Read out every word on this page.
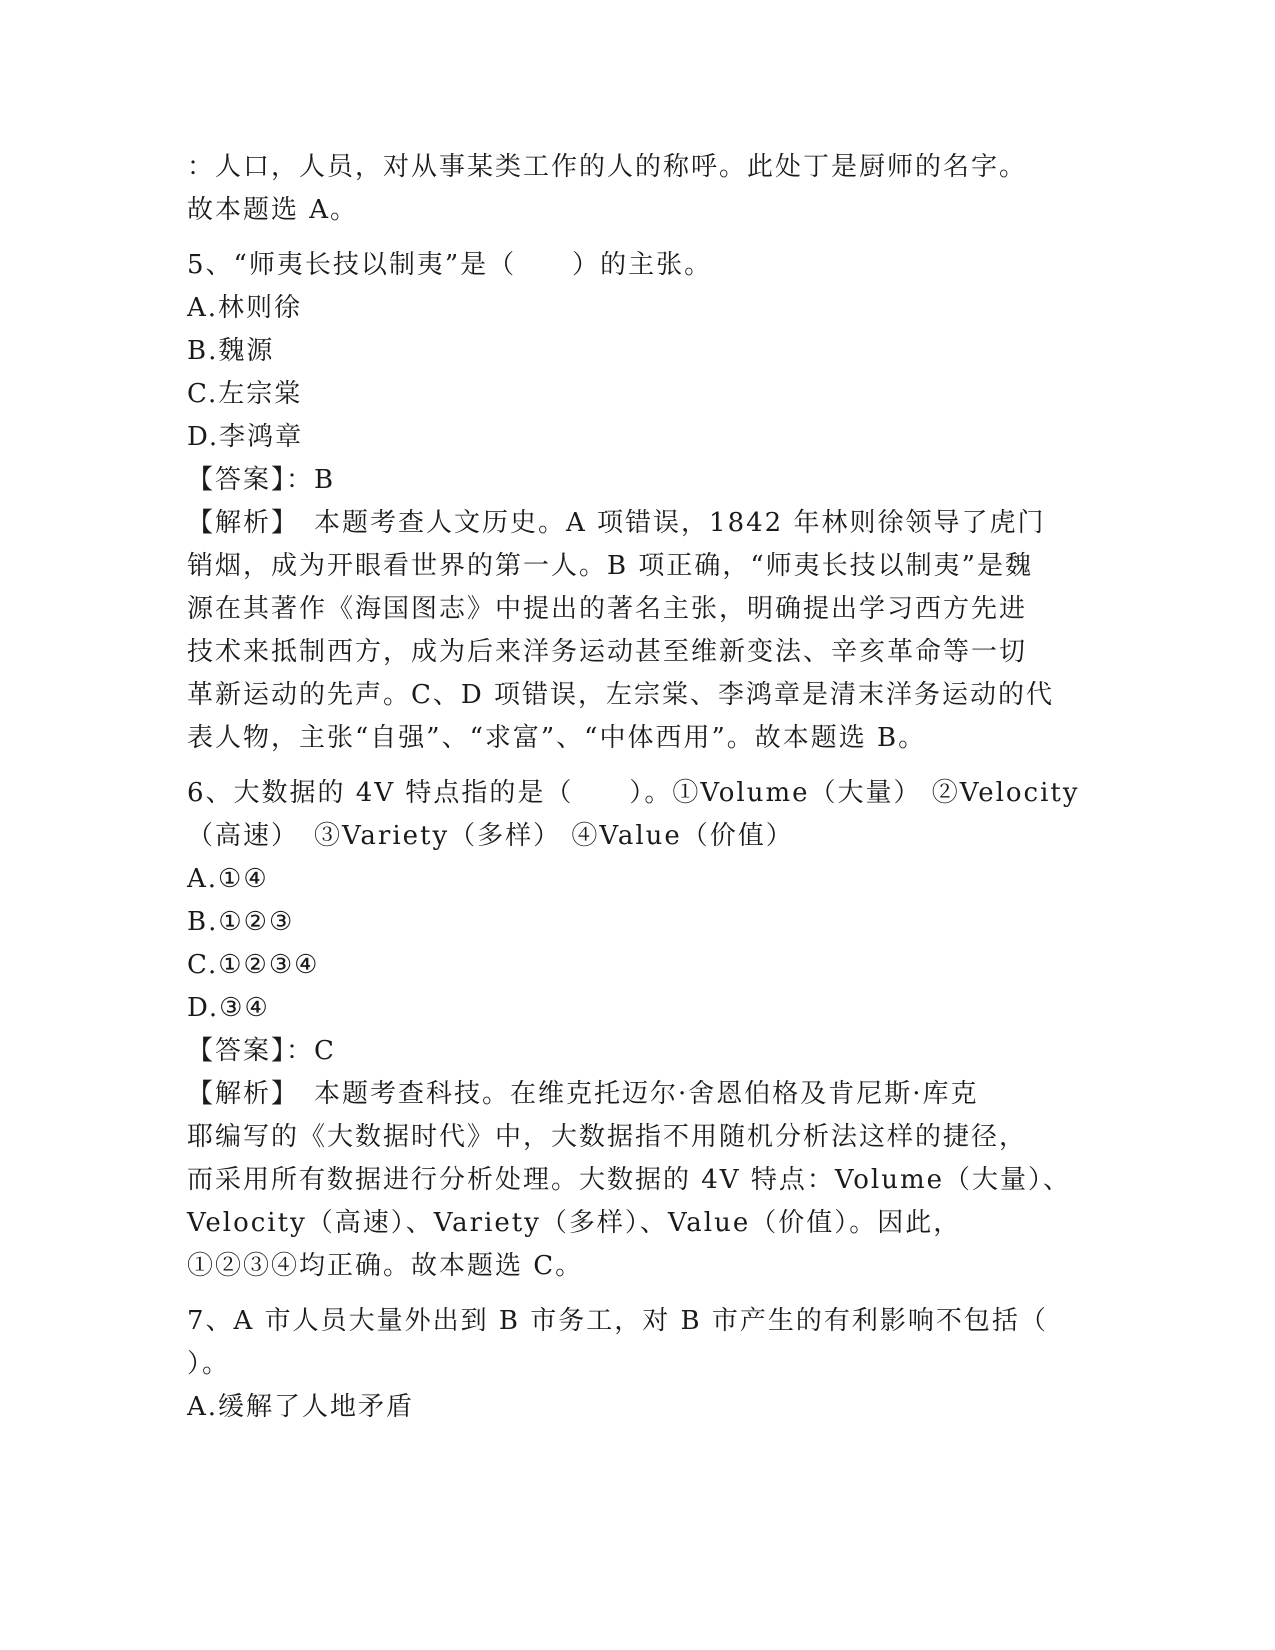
：人口，人员，对从事某类工作的人的称呼。此处丁是厨师的名字。
故本题选 A。
5、“师夷长技以制夷”是（　　）的主张。
A.林则徐
B.魏源
C.左宗棠
D.李鸿章
【答案】：B
【解析】　本题考查人文历史。A 项错误，1842 年林则徐领导了虎门
销烟，成为开眼看世界的第一人。B 项正确，“师夷长技以制夷”是魏
源在其著作《海国图志》中提出的著名主张，明确提出学习西方先进
技术来抵制西方，成为后来洋务运动甚至维新变法、辛亥革命等一切
革新运动的先声。C、D 项错误，左宗棠、李鸿章是清末洋务运动的代
表人物，主张“自强”、“求富”、“中体西用”。故本题选 B。
6、大数据的 4V 特点指的是（　　）。①Volume（大量） ②Velocity
（高速）　③Variety（多样） ④Value（价值）
A.①④
B.①②③
C.①②③④
D.③④
【答案】：C
【解析】　本题考查科技。在维克托迈尔·舍恩伯格及肯尼斯·库克
耶编写的《大数据时代》中，大数据指不用随机分析法这样的捷径，
而采用所有数据进行分析处理。大数据的 4V 特点：Volume（大量）、
Velocity（高速）、Variety（多样）、Value（价值）。因此，
①②③④均正确。故本题选 C。
7、A 市人员大量外出到 B 市务工，对 B 市产生的有利影响不包括（
）。
A.缓解了人地矛盾
